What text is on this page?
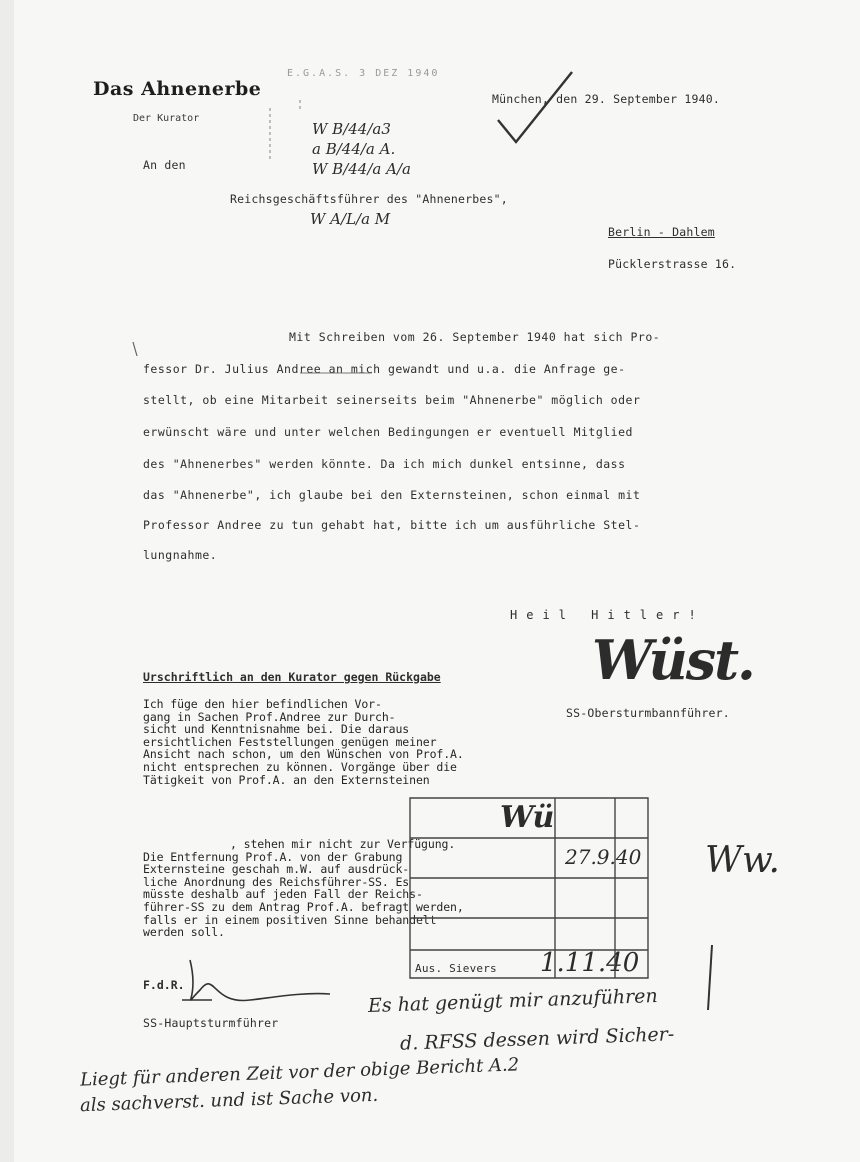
Das Ahnenerbe
Der Kurator
E.G.A.S. 3 DEZ 1940
W B/44/a3
a B/44/a A.
W B/44/a A/a
W A/L/a M
München, den 29. September 1940.
An den
Reichsgeschäftsführer des "Ahnenerbes",
Berlin - Dahlem
Pücklerstrasse 16.
Mit Schreiben vom 26. September 1940 hat sich Pro-
fessor Dr. Julius Andree an mich gewandt und u.a. die Anfrage ge-
stellt, ob eine Mitarbeit seinerseits beim "Ahnenerbe" möglich oder
erwünscht wäre und unter welchen Bedingungen er eventuell Mitglied
des "Ahnenerbes" werden könnte. Da ich mich dunkel entsinne, dass
das "Ahnenerbe", ich glaube bei den Externsteinen, schon einmal mit
Professor Andree zu tun gehabt hat, bitte ich um ausführliche Stel-
lungnahme.
Heil Hitler!
Wüst.
SS-Obersturmbannführer.
Urschriftlich an den Kurator gegen Rückgabe
Ich füge den hier befindlichen Vor-
gang in Sachen Prof.Andree zur Durch-
sicht und Kenntnisnahme bei. Die daraus
ersichtlichen Feststellungen genügen meiner
Ansicht nach schon, um den Wünschen von Prof.A.
nicht entsprechen zu können. Vorgänge über die
Tätigkeit von Prof.A. an den Externsteinen
, stehen mir nicht zur Verfügung.
Die Entfernung Prof.A. von der Grabung
Externsteine geschah m.W. auf ausdrück-
liche Anordnung des Reichsführer-SS. Es
müsste deshalb auf jeden Fall der Reichs-
führer-SS zu dem Antrag Prof.A. befragt werden,
falls er in einem positiven Sinne behandelt
werden soll.
F.d.R.
SS-Hauptsturmführer
Wü
27.9.40 Ww.
Aus. Sievers 1.11.40
Es hat genügt mir anzuführen
d. RFSS dessen wird Sicher-
Liegt für anderen Zeit vor der obige Bericht A.2
als sachverst. und ist Sache von.
